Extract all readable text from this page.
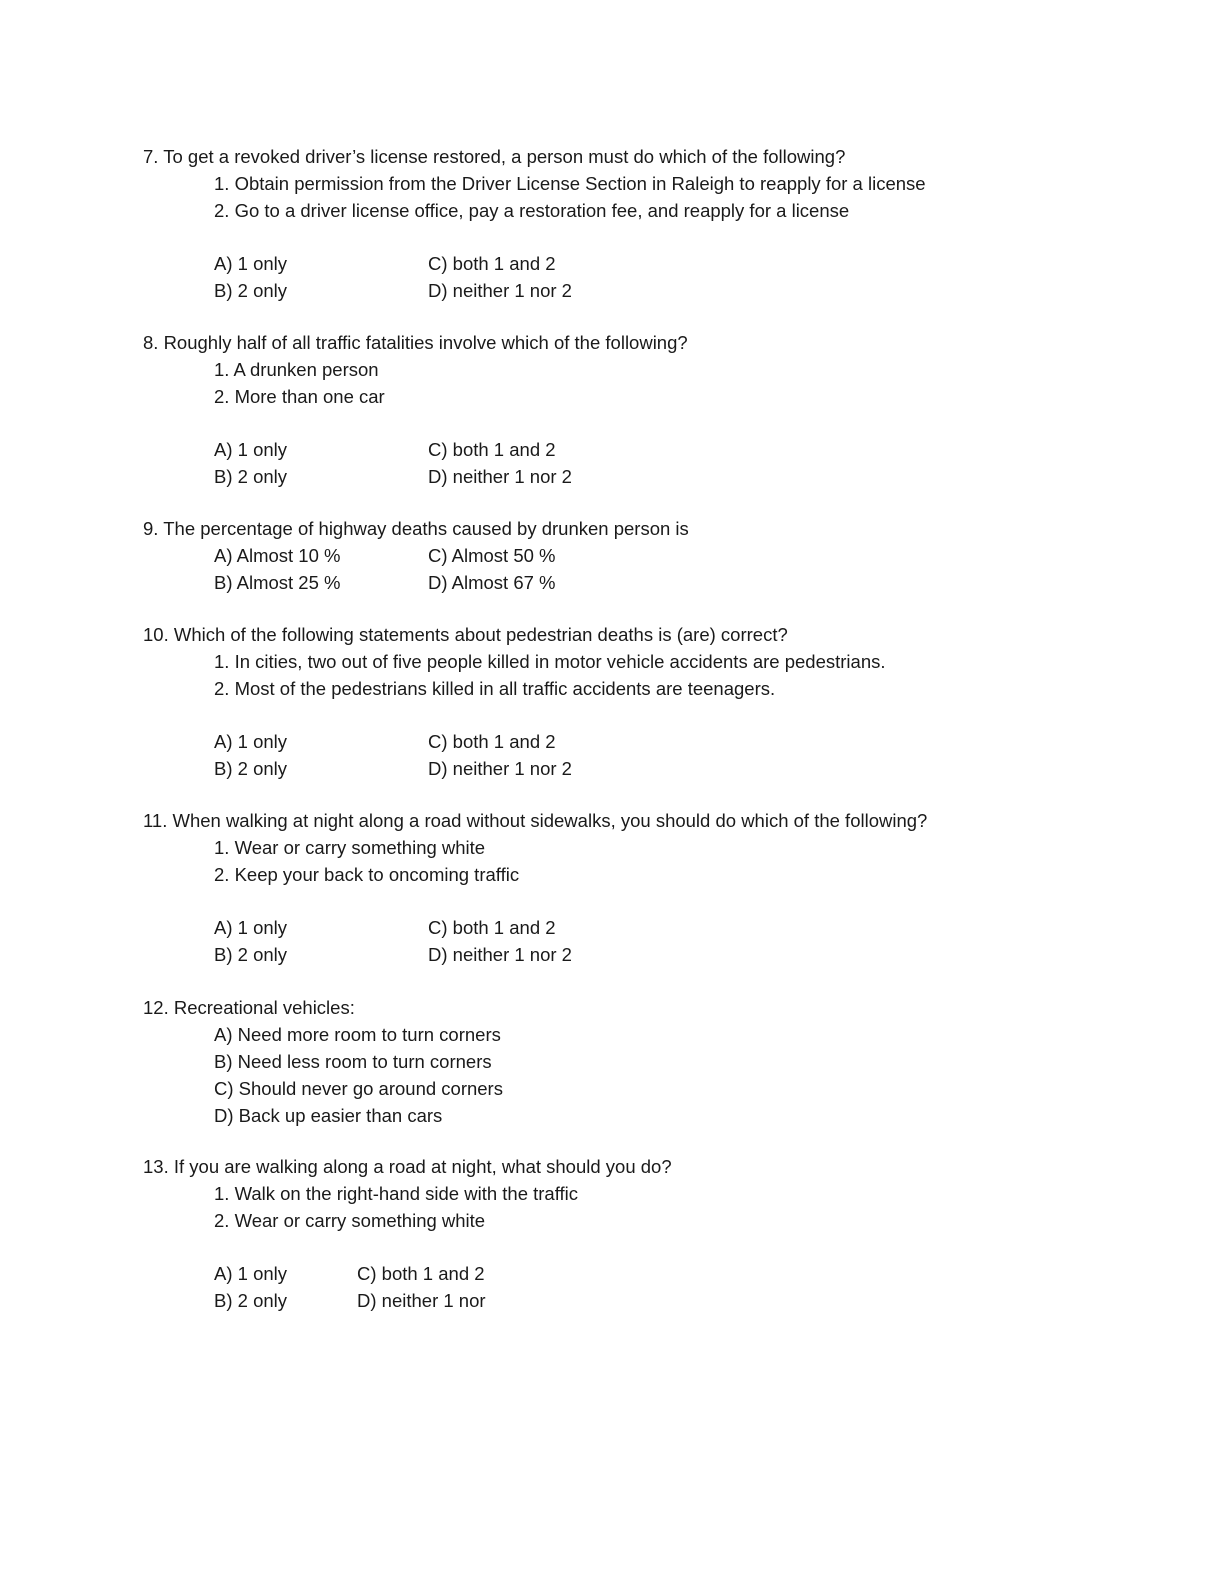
7. To get a revoked driver’s license restored, a person must do which of the following?
1. Obtain permission from the Driver License Section in Raleigh to reapply for a license
2. Go to a driver license office, pay a restoration fee, and reapply for a license
A) 1 only	C) both 1 and 2
B) 2 only	D) neither 1 nor 2
8. Roughly half of all traffic fatalities involve which of the following?
1. A drunken person
2. More than one car
A) 1 only	C) both 1 and 2
B) 2 only	D) neither 1 nor 2
9. The percentage of highway deaths caused by drunken person is
A) Almost 10 %	C) Almost 50 %
B) Almost 25 %	D) Almost 67 %
10. Which of the following statements about pedestrian deaths is (are) correct?
1. In cities, two out of five people killed in motor vehicle accidents are pedestrians.
2. Most of the pedestrians killed in all traffic accidents are teenagers.
A) 1 only	C) both 1 and 2
B) 2 only	D) neither 1 nor 2
11. When walking at night along a road without sidewalks, you should do which of the following?
1. Wear or carry something white
2. Keep your back to oncoming traffic
A) 1 only	C) both 1 and 2
B) 2 only	D) neither 1 nor 2
12. Recreational vehicles:
A) Need more room to turn corners
B) Need less room to turn corners
C) Should never go around corners
D) Back up easier than cars
13. If you are walking along a road at night, what should you do?
1. Walk on the right-hand side with the traffic
2. Wear or carry something white
A) 1 only	C) both 1 and 2
B) 2 only	D) neither 1 nor
